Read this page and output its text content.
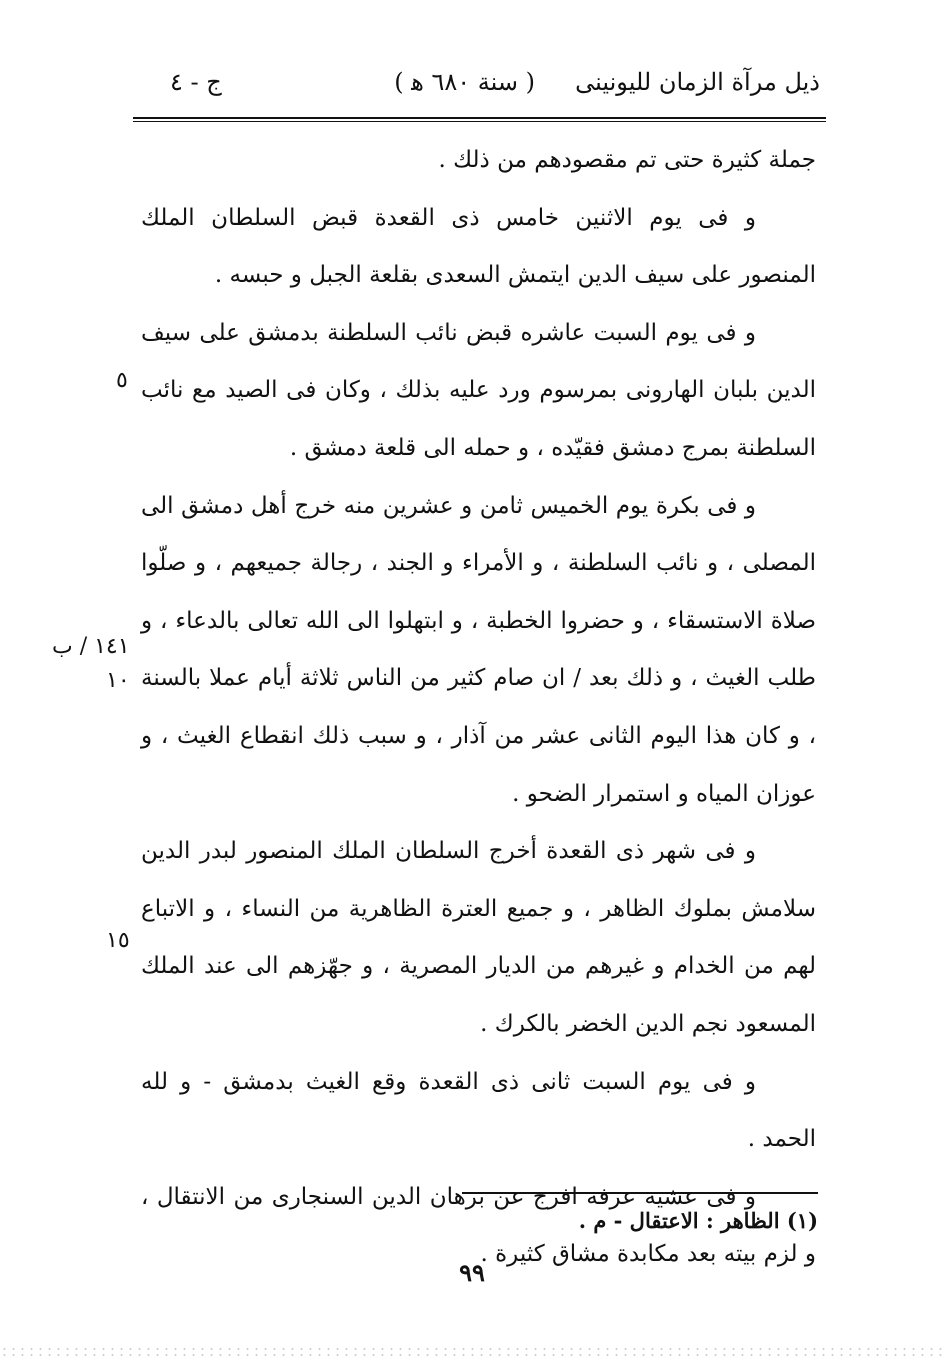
ذيل مرآة الزمان لليونينى
( سنة ٦٨٠ ﻫ )
ج - ٤

جملة كثيرة حتى تم مقصودهم من ذلك .

و فى يوم الاثنين خامس ذى القعدة قبض السلطان الملك المنصور على سيف الدين ايتمش السعدى بقلعة الجبل و حبسه .

و فى يوم السبت عاشره قبض نائب السلطنة بدمشق على سيف الدين بلبان الهارونى بمرسوم ورد عليه بذلك ، وكان فى الصيد مع نائب السلطنة بمرج دمشق فقيّده ، و حمله الى قلعة دمشق .

و فى بكرة يوم الخميس ثامن و عشرين منه خرج أهل دمشق الى المصلى ، و نائب السلطنة ، و الأمراء و الجند ، رجالة جميعهم ، و صلّوا صلاة الاستسقاء ، و حضروا الخطبة ، و ابتهلوا الى الله تعالى بالدعاء ، و طلب الغيث ، و ذلك بعد / ان صام كثير من الناس ثلاثة أيام عملا بالسنة ، و كان هذا اليوم الثانى عشر من آذار ، و سبب ذلك انقطاع الغيث ، و عوزان المياه و استمرار الضحو .

و فى شهر ذى القعدة أخرج السلطان الملك المنصور لبدر الدين سلامش بملوك الظاهر ، و جميع العترة الظاهرية من النساء ، و الاتباع لهم من الخدام و غيرهم من الديار المصرية ، و جهّزهم الى عند الملك المسعود نجم الدين الخضر بالكرك .

و فى يوم السبت ثانى ذى القعدة وقع الغيث بدمشق - و لله الحمد .

و فى عشية عرفة افرج عن برهان الدين السنجارى من الانتقال ، و لزم بيته بعد مكابدة مشاق كثيرة .

٥
١٤١ / ب
١٠
١٥
(١) الظاهر : الاعتقال - م .
٩٩
